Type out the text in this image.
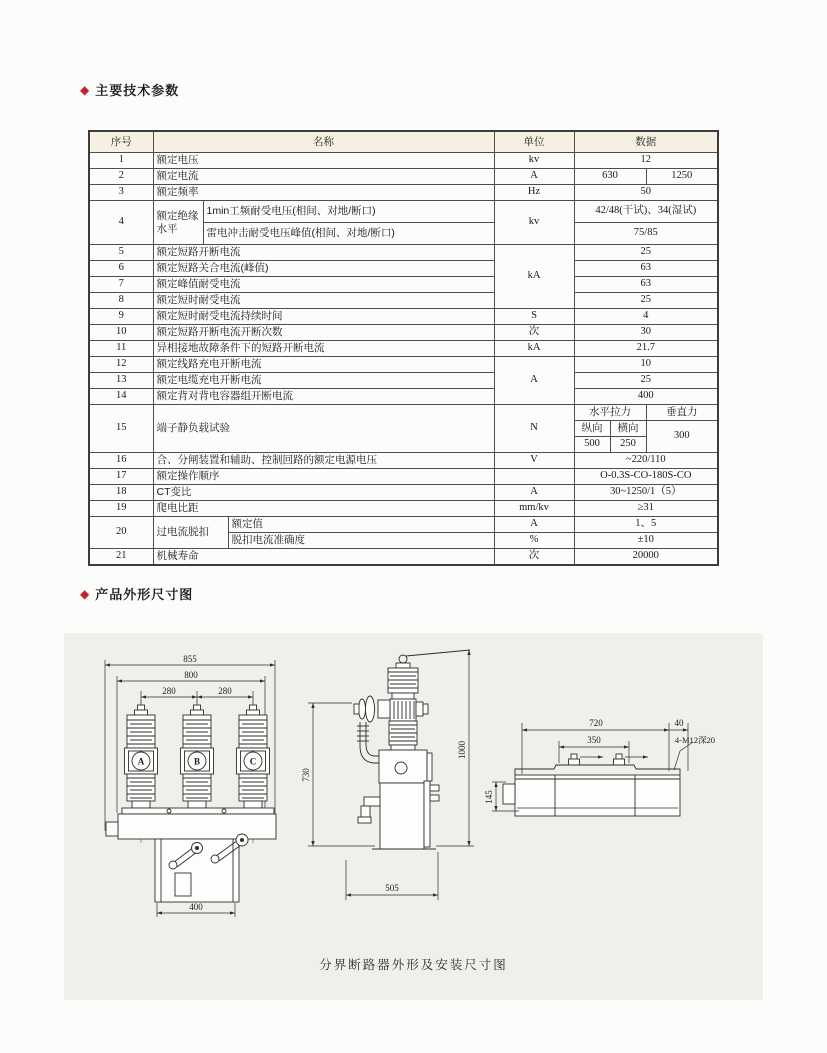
◆ 主要技术参数
序号	名称			单位	数据		
1	额定电压			kv	12		
2	额定电流			A	630		1250
3	额定频率			Hz	50		
4	额定绝缘水平	1min工频耐受电压(相间、对地/断口)		kv	42/48(干试)、34(湿试)		
		雷电冲击耐受电压峰值(相间、对地/断口)			75/85		
5	额定短路开断电流			kA	25		
6	额定短路关合电流(峰值)				63		
7	额定峰值耐受电流				63		
8	额定短时耐受电流				25		
9	额定短时耐受电流持续时间			S	4		
10	额定短路开断电流开断次数			次	30		
11	异相接地故障条件下的短路开断电流			kA	21.7		
12	额定线路充电开断电流			A	10		
13	额定电缆充电开断电流				25		
14	额定背对背电容器组开断电流				400		
15	端子静负载试验			N	水平拉力		垂直力
					纵向	横向	300
					500	250	
16	合、分闸装置和辅助、控制回路的额定电源电压			V	~220/110		
17	额定操作顺序				O-0.3S-CO-180S-CO		
18	CT变比			A	30~1250/1（5）		
19	爬电比距			mm/kv	≥31		
20	过电流脱扣		额定值	A	1、5		
			脱扣电流准确度	%	±10		
21	机械寿命			次	20000		
◆ 产品外形尺寸图
855
800
280	280
A	B	C
400
730
1000
505
720	40
4-M12深20
350
145
分界断路器外形及安装尺寸图
